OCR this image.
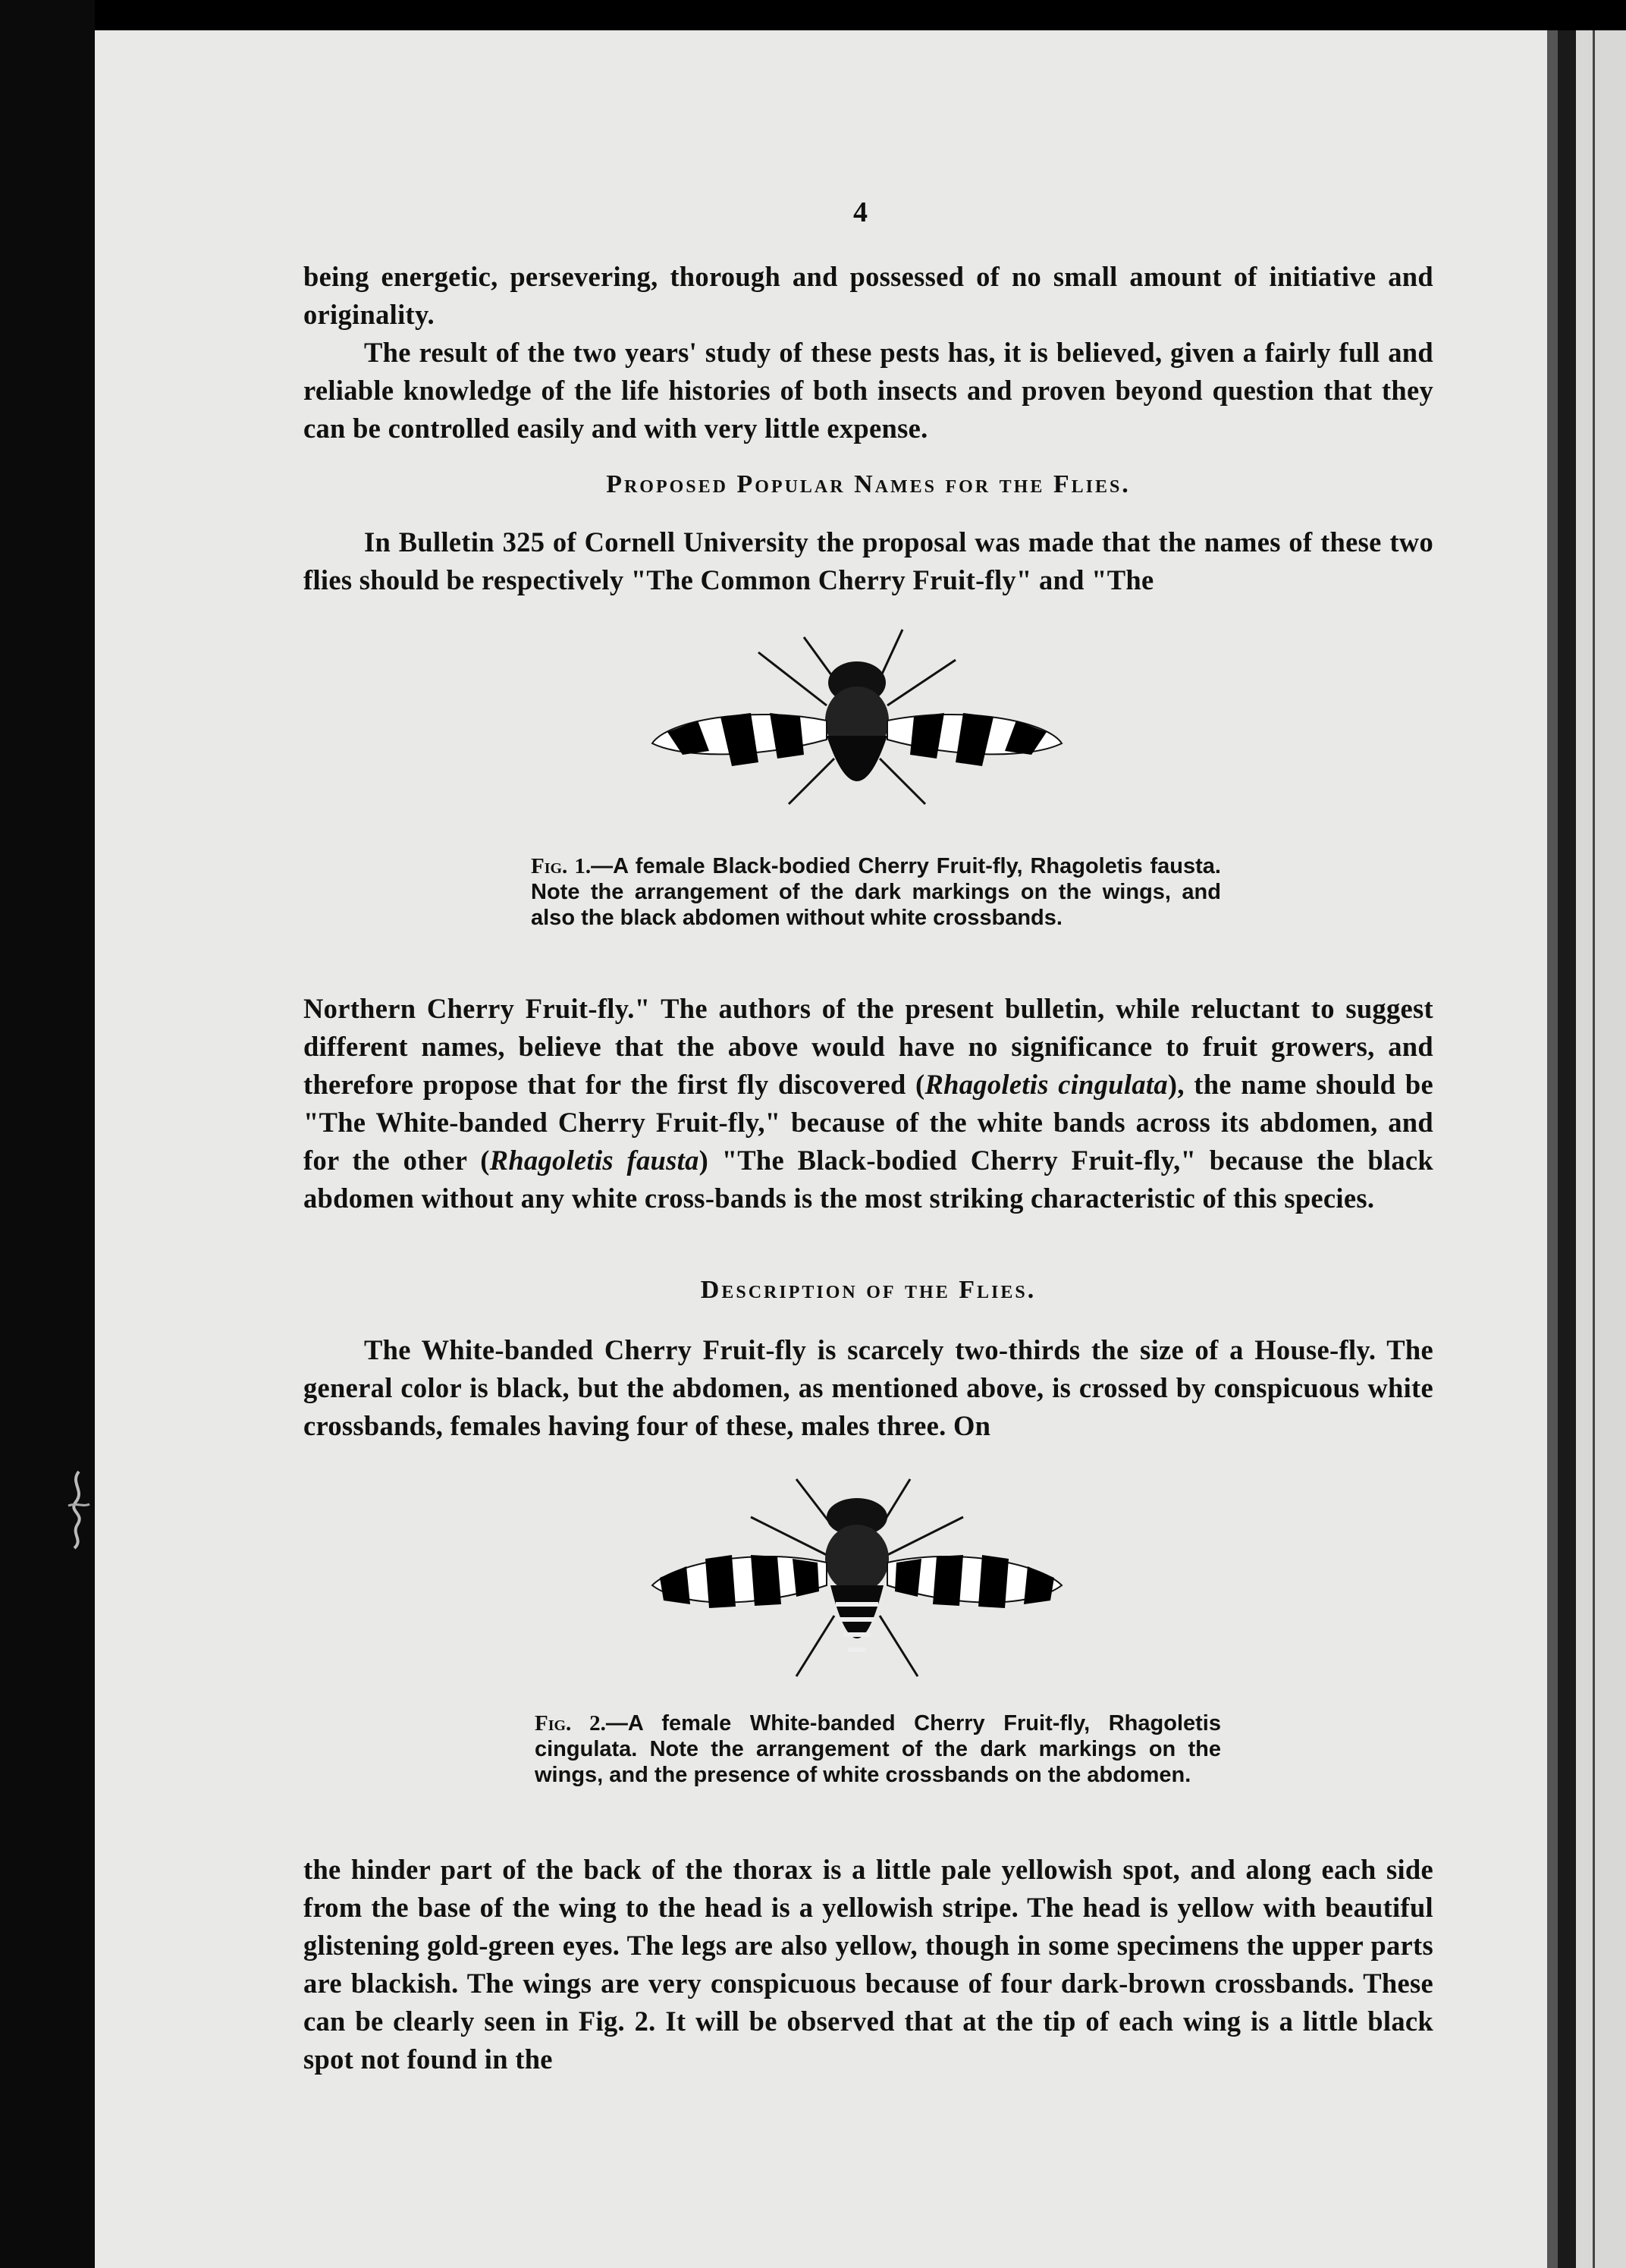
4

being energetic, persevering, thorough and possessed of no small amount of initiative and originality.

The result of the two years' study of these pests has, it is believed, given a fairly full and reliable knowledge of the life histories of both insects and proven beyond question that they can be controlled easily and with very little expense.

Proposed Popular Names for the Flies.

In Bulletin 325 of Cornell University the proposal was made that the names of these two flies should be respectively "The Common Cherry Fruit-fly" and "The

Fig. 1.—A female Black-bodied Cherry Fruit-fly, Rhagoletis fausta. Note the arrangement of the dark markings on the wings, and also the black abdomen without white crossbands.

Northern Cherry Fruit-fly." The authors of the present bulletin, while reluctant to suggest different names, believe that the above would have no significance to fruit growers, and therefore propose that for the first fly discovered (Rhagoletis cingulata), the name should be "The White-banded Cherry Fruit-fly," because of the white bands across its abdomen, and for the other (Rhagoletis fausta) "The Black-bodied Cherry Fruit-fly," because the black abdomen without any white cross-bands is the most striking characteristic of this species.

Description of the Flies.

The White-banded Cherry Fruit-fly is scarcely two-thirds the size of a House-fly. The general color is black, but the abdomen, as mentioned above, is crossed by conspicuous white crossbands, females having four of these, males three. On

Fig. 2.—A female White-banded Cherry Fruit-fly, Rhagoletis cingulata. Note the arrangement of the dark markings on the wings, and the presence of white crossbands on the abdomen.

the hinder part of the back of the thorax is a little pale yellowish spot, and along each side from the base of the wing to the head is a yellowish stripe. The head is yellow with beautiful glistening gold-green eyes. The legs are also yellow, though in some specimens the upper parts are blackish. The wings are very conspicuous because of four dark-brown crossbands. These can be clearly seen in Fig. 2. It will be observed that at the tip of each wing is a little black spot not found in the
